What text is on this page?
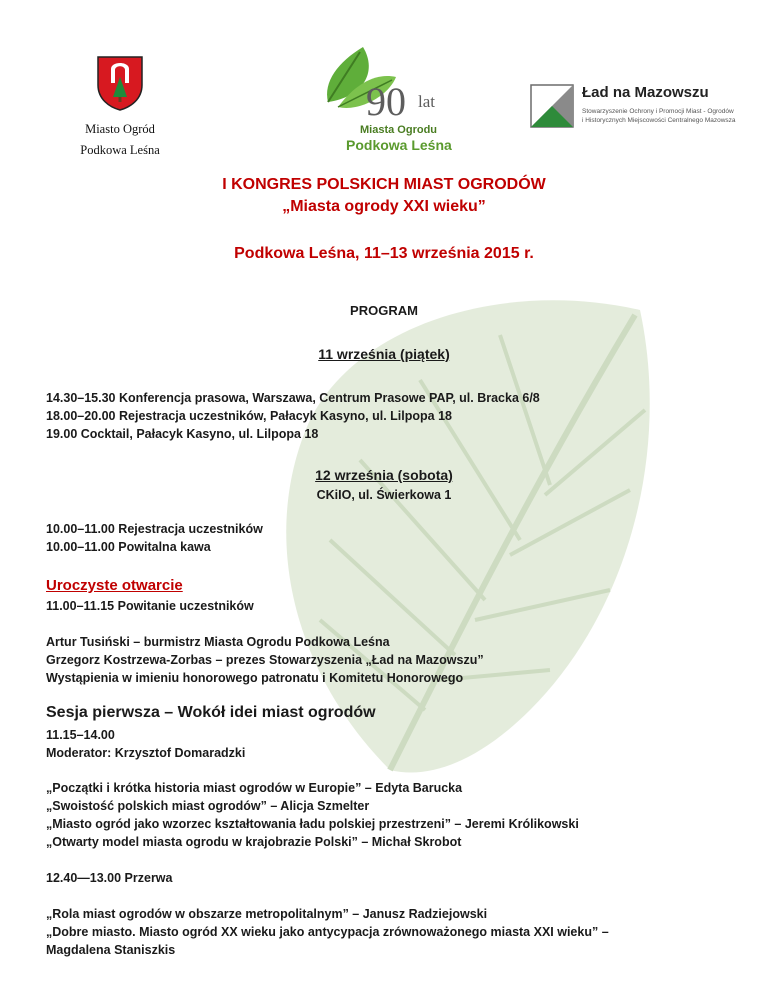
Miasto Ogród
Podkowa Leśna
90 lat
Miasta Ogrodu
Podkowa Leśna
Ład na Mazowszu
Stowarzyszenie Ochrony i Promocji Miast - Ogrodów
i Historycznych Miejscowości Centralnego Mazowsza
I KONGRES POLSKICH MIAST OGRODÓW
„Miasta ogrody XXI wieku”
Podkowa Leśna, 11–13 września 2015 r.
PROGRAM
11 września (piątek)
14.30–15.30 Konferencja prasowa, Warszawa, Centrum Prasowe PAP, ul. Bracka 6/8
18.00–20.00 Rejestracja uczestników, Pałacyk Kasyno, ul. Lilpopa 18
19.00 Cocktail, Pałacyk Kasyno, ul. Lilpopa 18
12 września (sobota)
CKiIO, ul. Świerkowa 1
10.00–11.00 Rejestracja uczestników
10.00–11.00 Powitalna kawa
Uroczyste otwarcie
11.00–11.15 Powitanie uczestników
Artur Tusiński – burmistrz Miasta Ogrodu Podkowa Leśna
Grzegorz Kostrzewa-Zorbas – prezes Stowarzyszenia „Ład na Mazowszu”
Wystąpienia w imieniu honorowego patronatu i Komitetu Honorowego
Sesja pierwsza – Wokół idei miast ogrodów
11.15–14.00
Moderator: Krzysztof Domaradzki
„Początki i krótka historia miast ogrodów w Europie” – Edyta Barucka
„Swoistość polskich miast ogrodów” – Alicja Szmelter
„Miasto ogród jako wzorzec kształtowania ładu polskiej przestrzeni” – Jeremi Królikowski
„Otwarty model miasta ogrodu w krajobrazie Polski” – Michał Skrobot
12.40—13.00 Przerwa
„Rola miast ogrodów w obszarze metropolitalnym” – Janusz Radziejowski
„Dobre miasto. Miasto ogród XX wieku jako antycypacja zrównoważonego miasta XXI wieku” –
Magdalena Staniszkis
